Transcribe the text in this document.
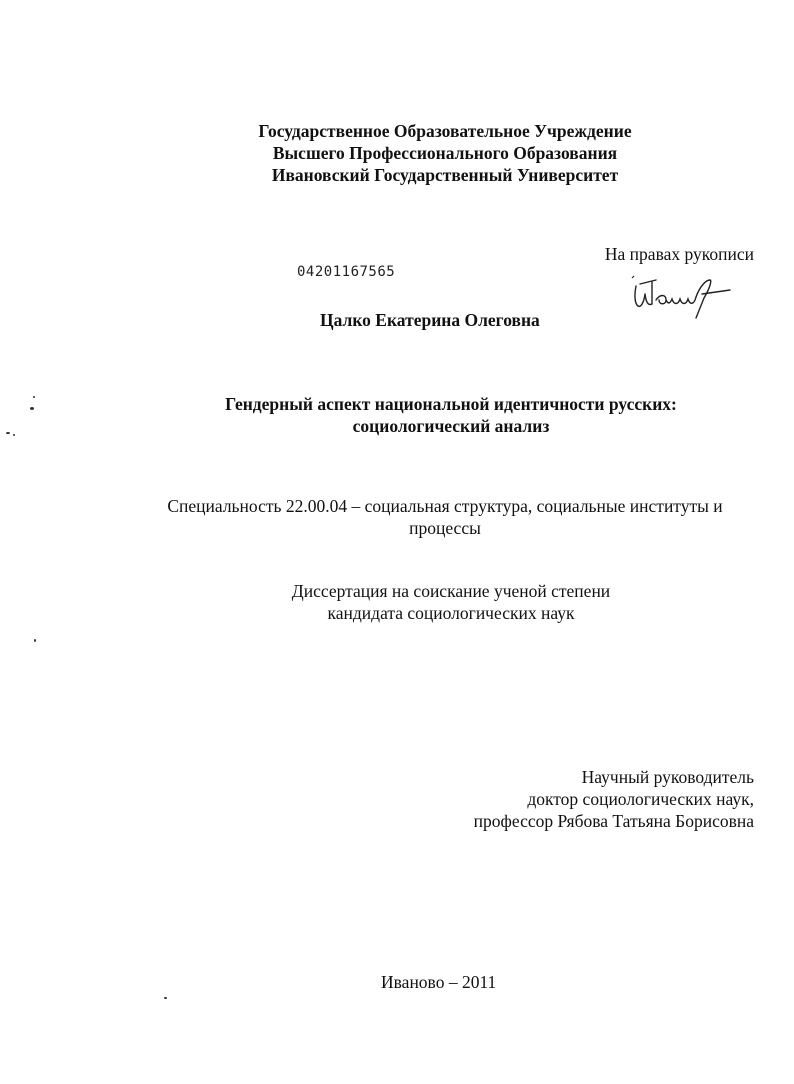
Государственное Образовательное Учреждение
Высшего Профессионального Образования
Ивановский Государственный Университет
На правах рукописи
04201167565
Цалко Екатерина Олеговна
Гендерный аспект национальной идентичности русских:
социологический анализ
Специальность 22.00.04 – социальная структура, социальные институты и
процессы
Диссертация на соискание ученой степени
кандидата социологических наук
Научный руководитель
доктор социологических наук,
профессор Рябова Татьяна Борисовна
Иваново – 2011
